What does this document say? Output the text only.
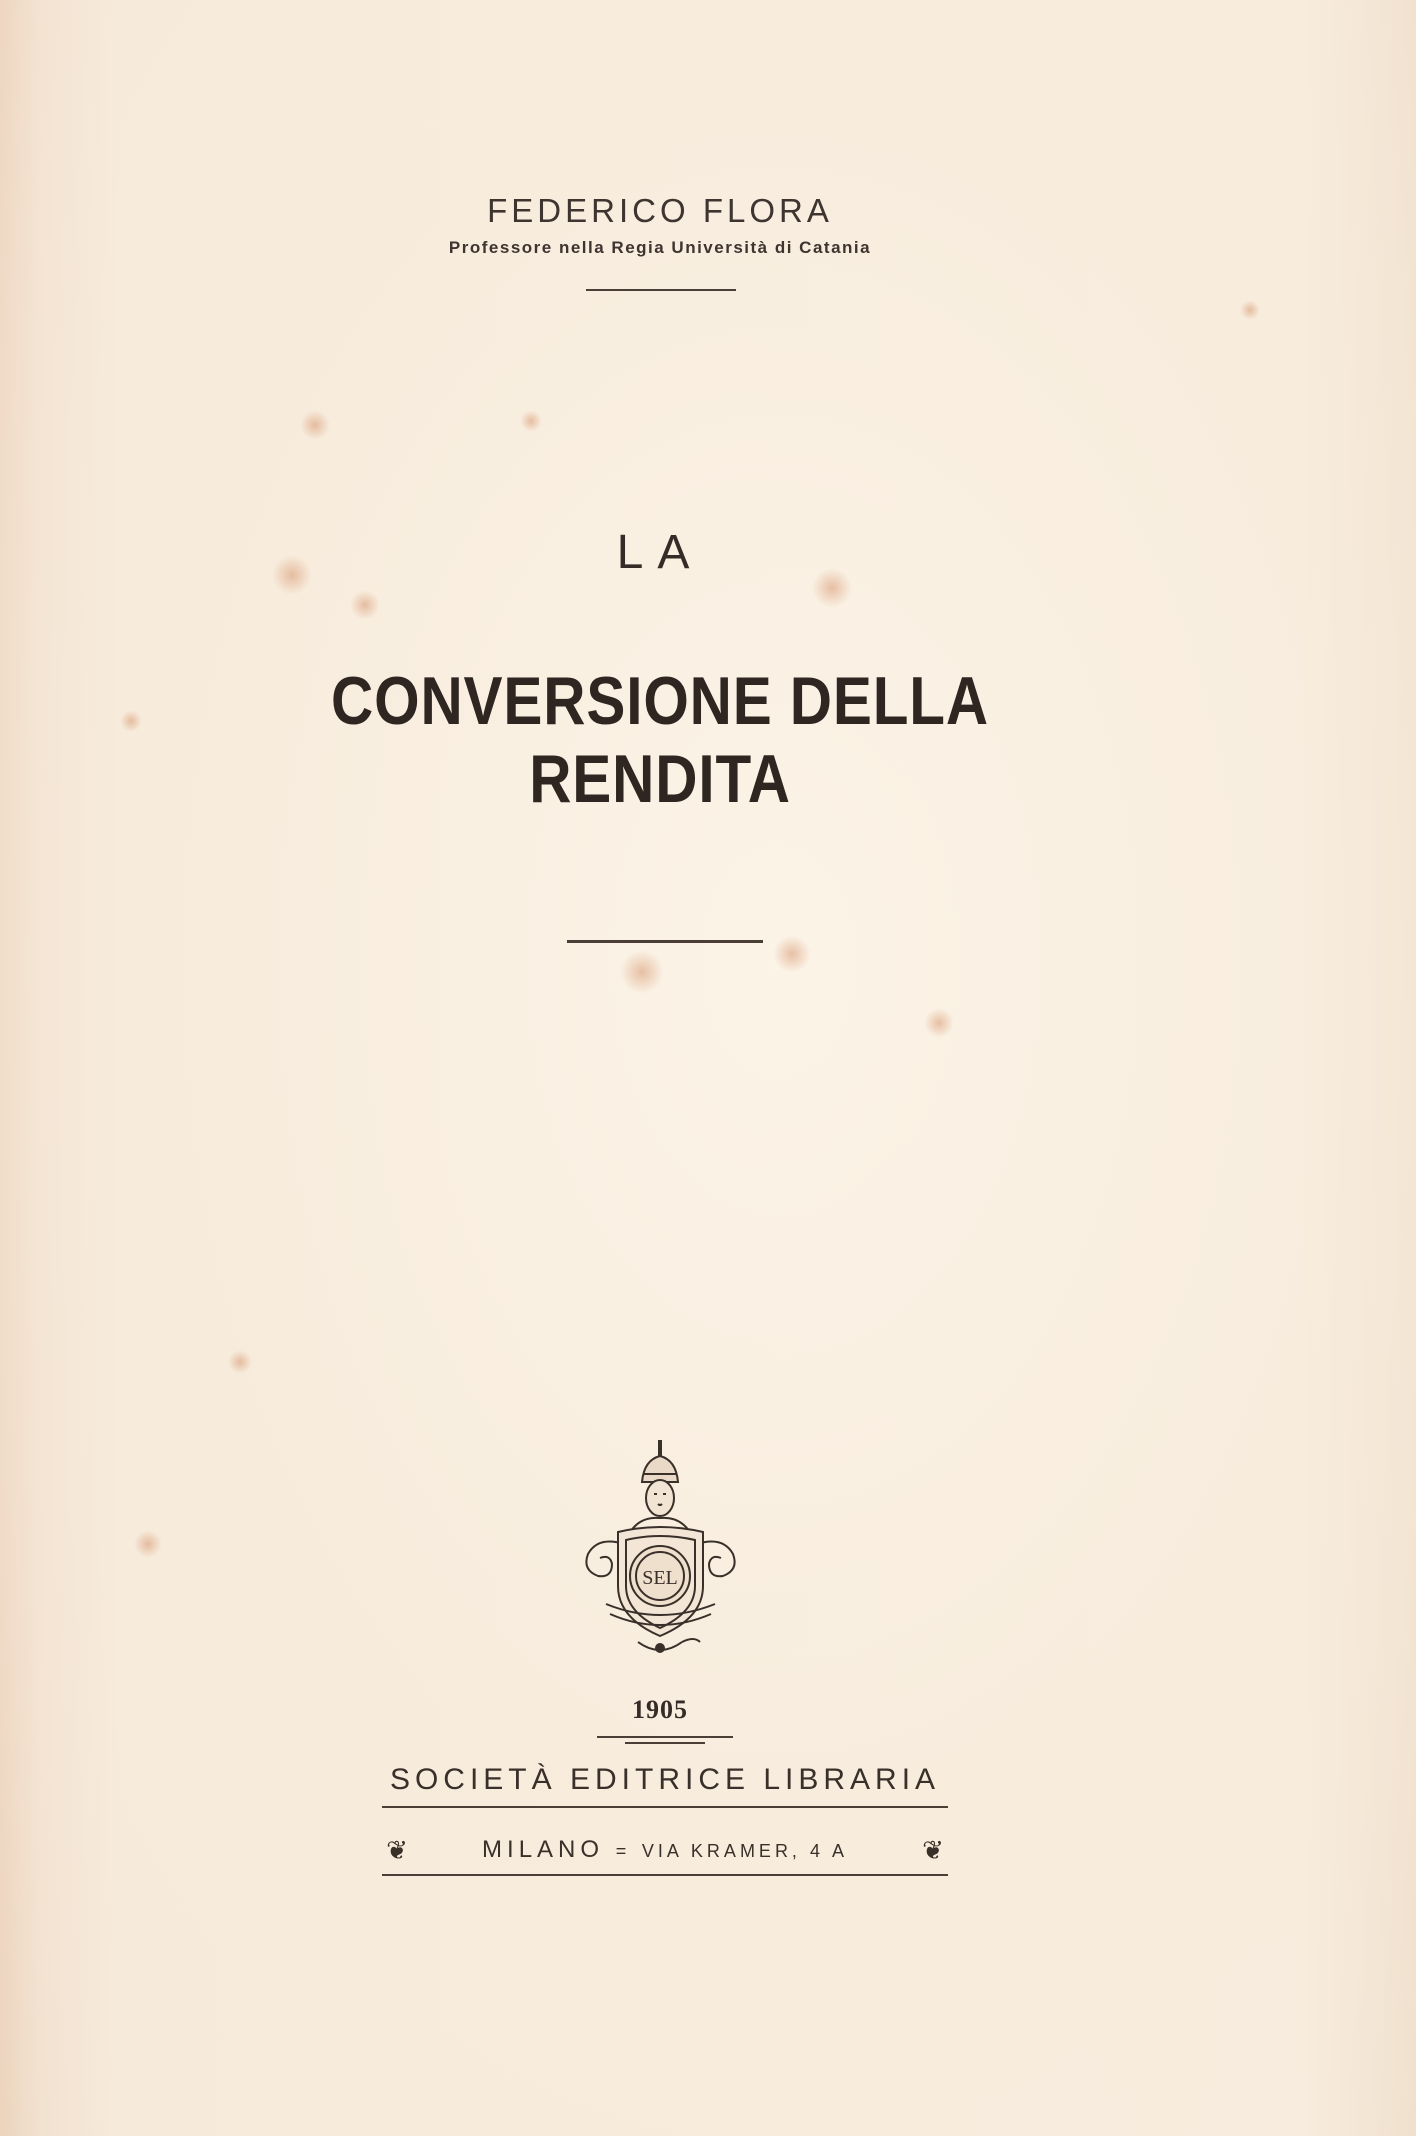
FEDERICO FLORA
Professore nella Regia Università di Catania
LA
CONVERSIONE DELLA RENDITA
SEL
1905
SOCIETÀ EDITRICE LIBRARIA
❦	MILANO = VIA KRAMER, 4 A	❦
